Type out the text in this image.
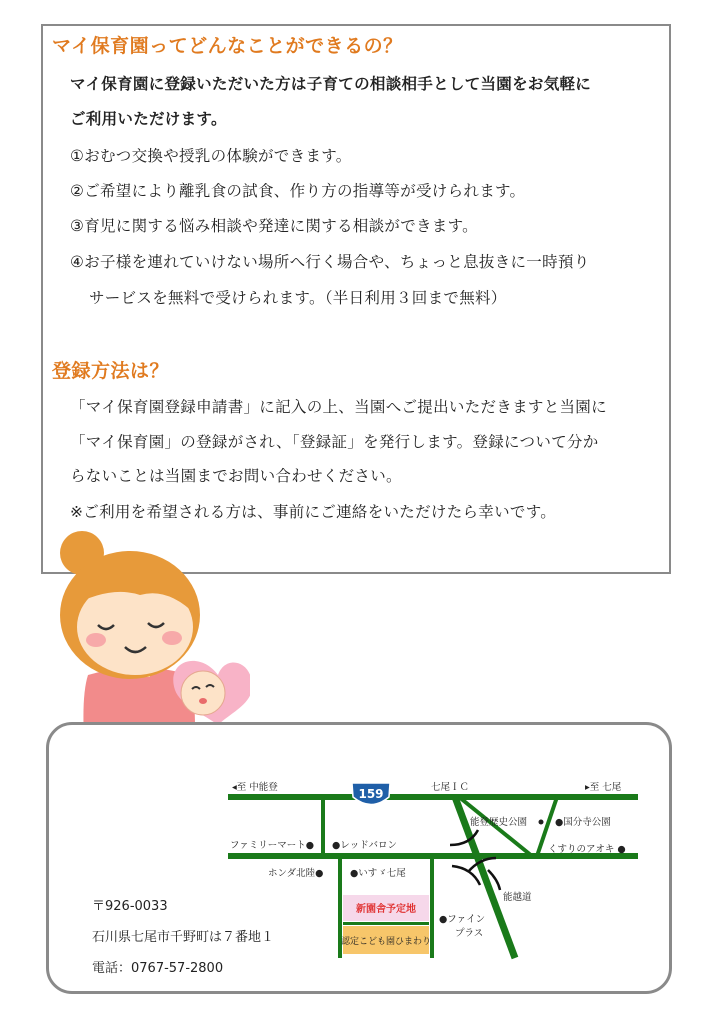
マイ保育園ってどんなことができるの？
マイ保育園に登録いただいた方は子育ての相談相手として当園をお気軽に
ご利用いただけます。
①おむつ交換や授乳の体験ができます。
②ご希望により離乳食の試食、作り方の指導等が受けられます。
③育児に関する悩み相談や発達に関する相談ができます。
④お子様を連れていけない場所へ行く場合や、ちょっと息抜きに一時預り
サービスを無料で受けられます。（半日利用３回まで無料）
登録方法は？
「マイ保育園登録申請書」に記入の上、当園へご提出いただきますと当園に
「マイ保育園」の登録がされ、「登録証」を発行します。登録について分か
らないことは当園までお問い合わせください。
※ご利用を希望される方は、事前にご連絡をいただけたら幸いです。
159
◂至 中能登	七尾ＩＣ	▸至 七尾
能登歴史公園	●国分寺公園
ファミリーマート● ●レッドバロン	くすりのアオキ ●
ホンダ北陸●	●いすゞ七尾
能越道
●ファイン
プラス
新園舎予定地
認定こども園ひまわり
〒926-0033
石川県七尾市千野町は７番地１
電話：0767-57-2800
